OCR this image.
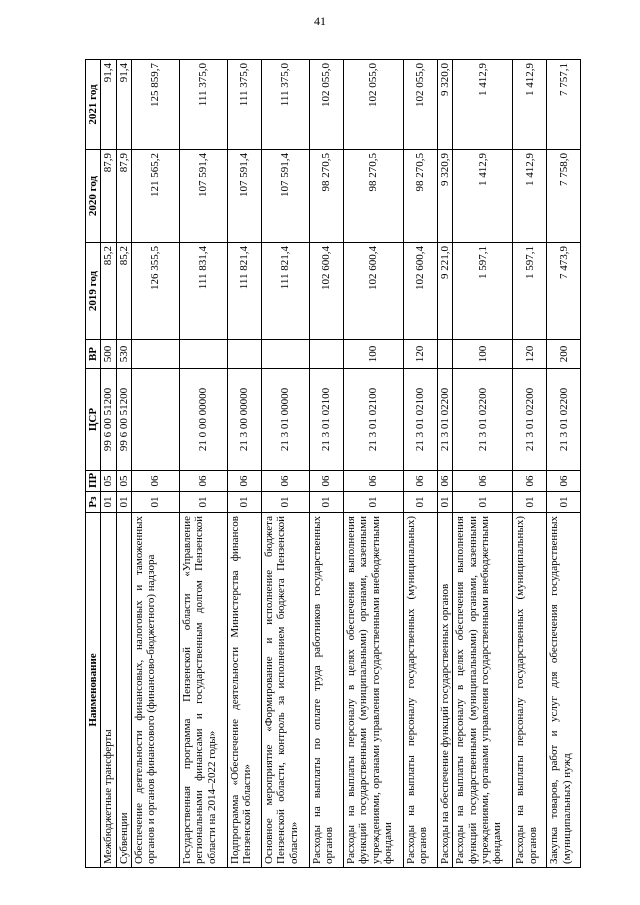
41
Наименование	Рз	ПР	ЦСР	ВР	2019 год	2020 год	2021 год
Межбюджетные трансферты	01	05	99 6 00 51200	500	85,2	87,9	91,4
Субвенции	01	05	99 6 00 51200	530	85,2	87,9	91,4
Обеспечение деятельности финансовых, налоговых и таможенных органов и органов финансового (финансово-бюджетного) надзора	01	06			126 355,5	121 565,2	125 859,7
Государственная программа Пензенской области «Управление региональными финансами и государственным долгом Пензенской области на 2014–2022 годы»	01	06	21 0 00 00000		111 831,4	107 591,4	111 375,0
Подпрограмма «Обеспечение деятельности Министерства финансов Пензенской области»	01	06	21 3 00 00000		111 821,4	107 591,4	111 375,0
Основное мероприятие «Формирование и исполнение бюджета Пензенской области, контроль за исполнением бюджета Пензенской области»	01	06	21 3 01 00000		111 821,4	107 591,4	111 375,0
Расходы на выплаты по оплате труда работников государственных органов	01	06	21 3 01 02100		102 600,4	98 270,5	102 055,0
Расходы на выплаты персоналу в целях обеспечения выполнения функций государственными (муниципальными) органами, казенными учреждениями, органами управления государственными внебюджетными фондами	01	06	21 3 01 02100	100	102 600,4	98 270,5	102 055,0
Расходы на выплаты персоналу государственных (муниципальных) органов	01	06	21 3 01 02100	120	102 600,4	98 270,5	102 055,0
Расходы на обеспечение функций государственных органов	01	06	21 3 01 02200		9 221,0	9 320,9	9 320,0
Расходы на выплаты персоналу в целях обеспечения выполнения функций государственными (муниципальными) органами, казенными учреждениями, органами управления государственными внебюджетными фондами	01	06	21 3 01 02200	100	1 597,1	1 412,9	1 412,9
Расходы на выплаты персоналу государственных (муниципальных) органов	01	06	21 3 01 02200	120	1 597,1	1 412,9	1 412,9
Закупка товаров, работ и услуг для обеспечения государственных (муниципальных) нужд	01	06	21 3 01 02200	200	7 473,9	7 758,0	7 757,1
